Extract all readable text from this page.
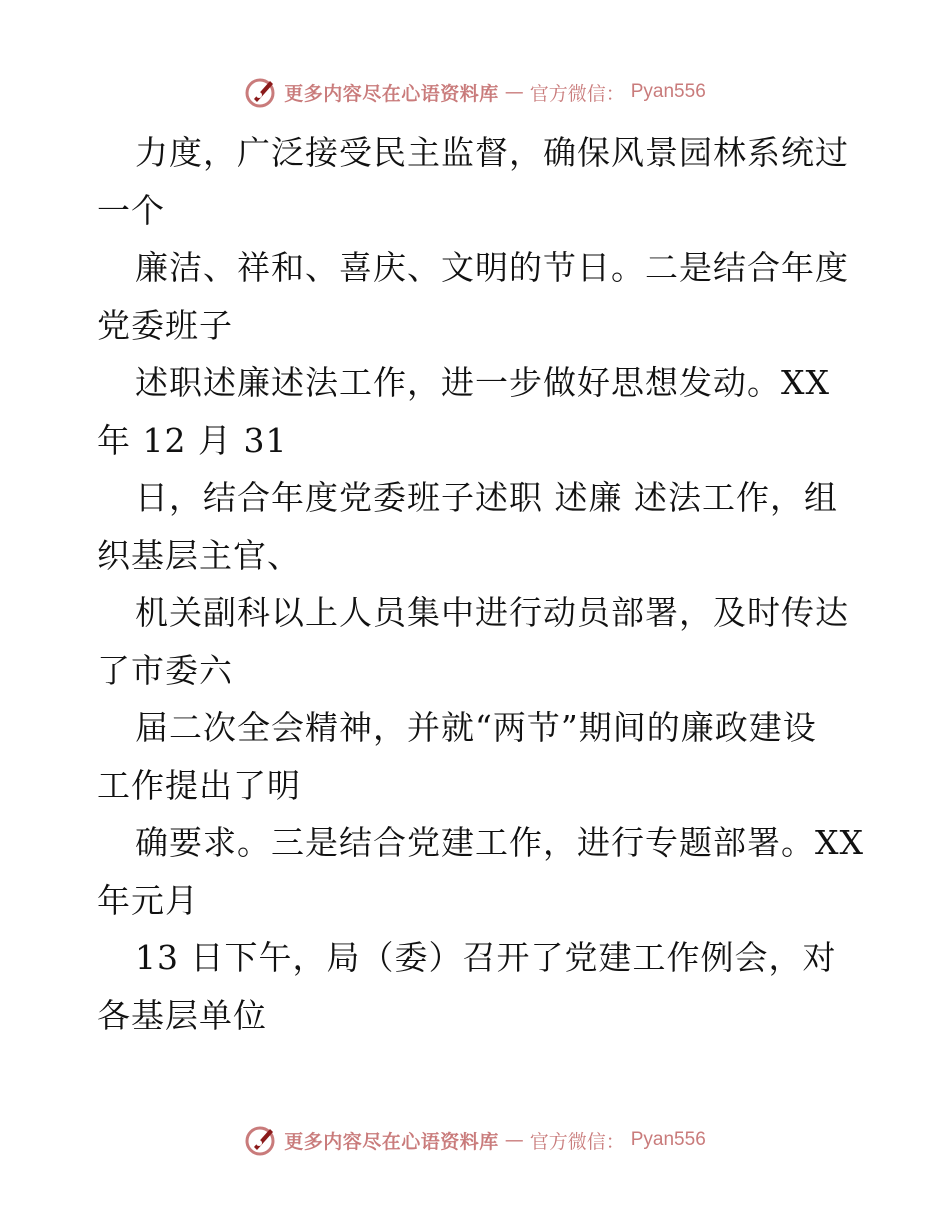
更多内容尽在心语资料库 — 官方微信： Pyan556
力度，广泛接受民主监督，确保风景园林系统过
一个
廉洁、祥和、喜庆、文明的节日。二是结合年度
党委班子
述职述廉述法工作，进一步做好思想发动。XX
年 12 月 31
日，结合年度党委班子述职 述廉 述法工作，组
织基层主官、
机关副科以上人员集中进行动员部署，及时传达
了市委六
届二次全会精神，并就“两节”期间的廉政建设
工作提出了明
确要求。三是结合党建工作，进行专题部署。XX
年元月
13 日下午，局（委）召开了党建工作例会，对
各基层单位
更多内容尽在心语资料库 — 官方微信： Pyan556
